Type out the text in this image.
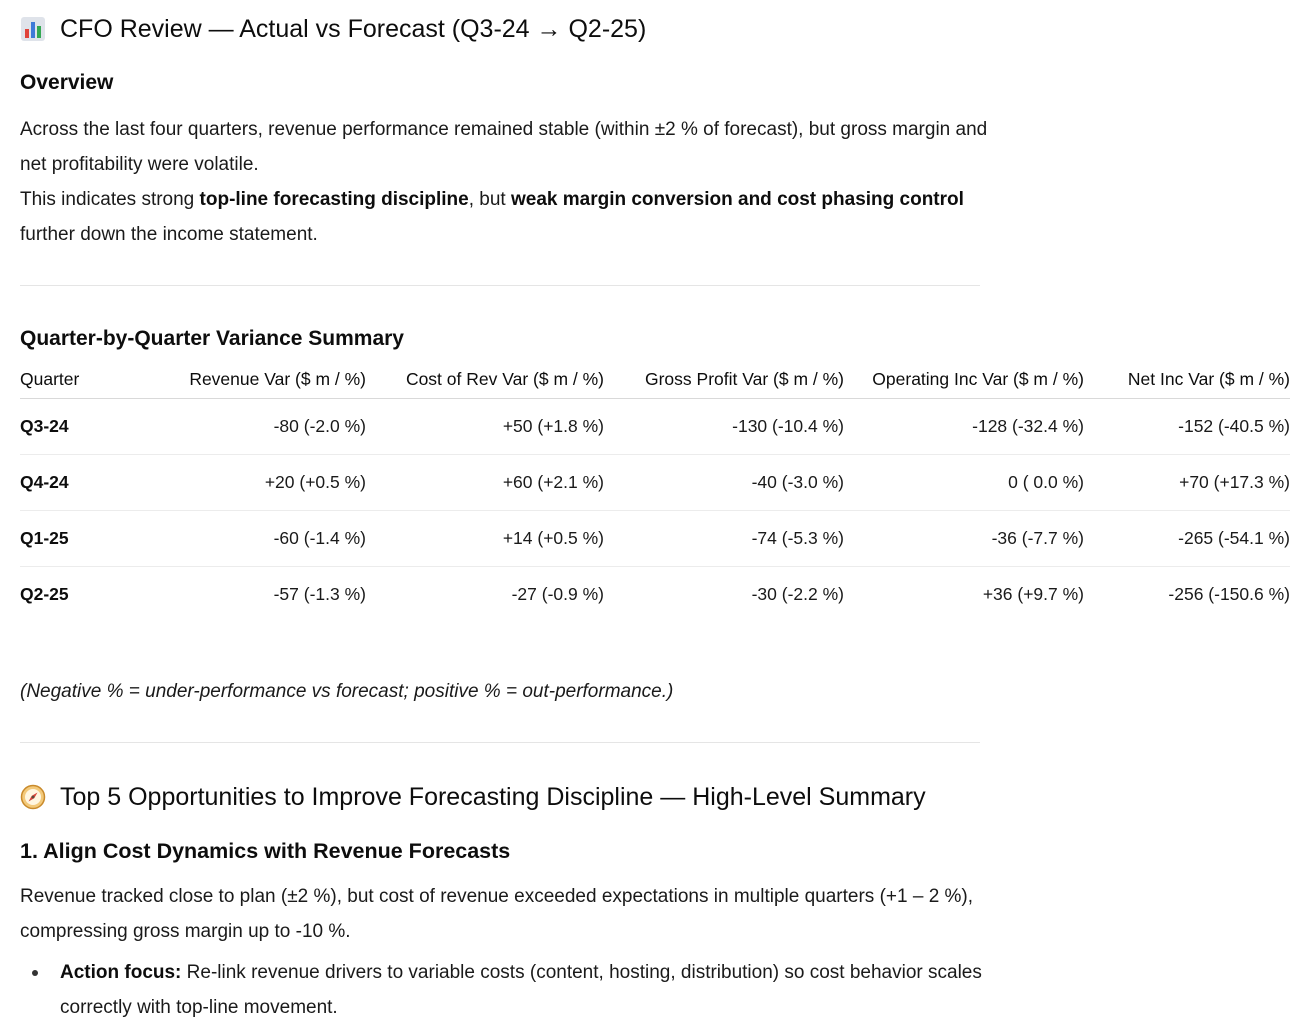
CFO Review — Actual vs Forecast (Q3-24 → Q2-25)
Overview
Across the last four quarters, revenue performance remained stable (within ±2 % of forecast), but gross margin and net profitability were volatile.
This indicates strong top-line forecasting discipline, but weak margin conversion and cost phasing control further down the income statement.
Quarter-by-Quarter Variance Summary
Quarter	Revenue Var ($ m / %)	Cost of Rev Var ($ m / %)	Gross Profit Var ($ m / %)	Operating Inc Var ($ m / %)	Net Inc Var ($ m / %)
Q3-24	-80 (-2.0 %)	+50 (+1.8 %)	-130 (-10.4 %)	-128 (-32.4 %)	-152 (-40.5 %)
Q4-24	+20 (+0.5 %)	+60 (+2.1 %)	-40 (-3.0 %)	0 ( 0.0 %)	+70 (+17.3 %)
Q1-25	-60 (-1.4 %)	+14 (+0.5 %)	-74 (-5.3 %)	-36 (-7.7 %)	-265 (-54.1 %)
Q2-25	-57 (-1.3 %)	-27 (-0.9 %)	-30 (-2.2 %)	+36 (+9.7 %)	-256 (-150.6 %)
(Negative % = under-performance vs forecast; positive % = out-performance.)
Top 5 Opportunities to Improve Forecasting Discipline — High-Level Summary
1. Align Cost Dynamics with Revenue Forecasts
Revenue tracked close to plan (±2 %), but cost of revenue exceeded expectations in multiple quarters (+1 – 2 %), compressing gross margin up to -10 %.
Action focus: Re-link revenue drivers to variable costs (content, hosting, distribution) so cost behavior scales correctly with top-line movement.
